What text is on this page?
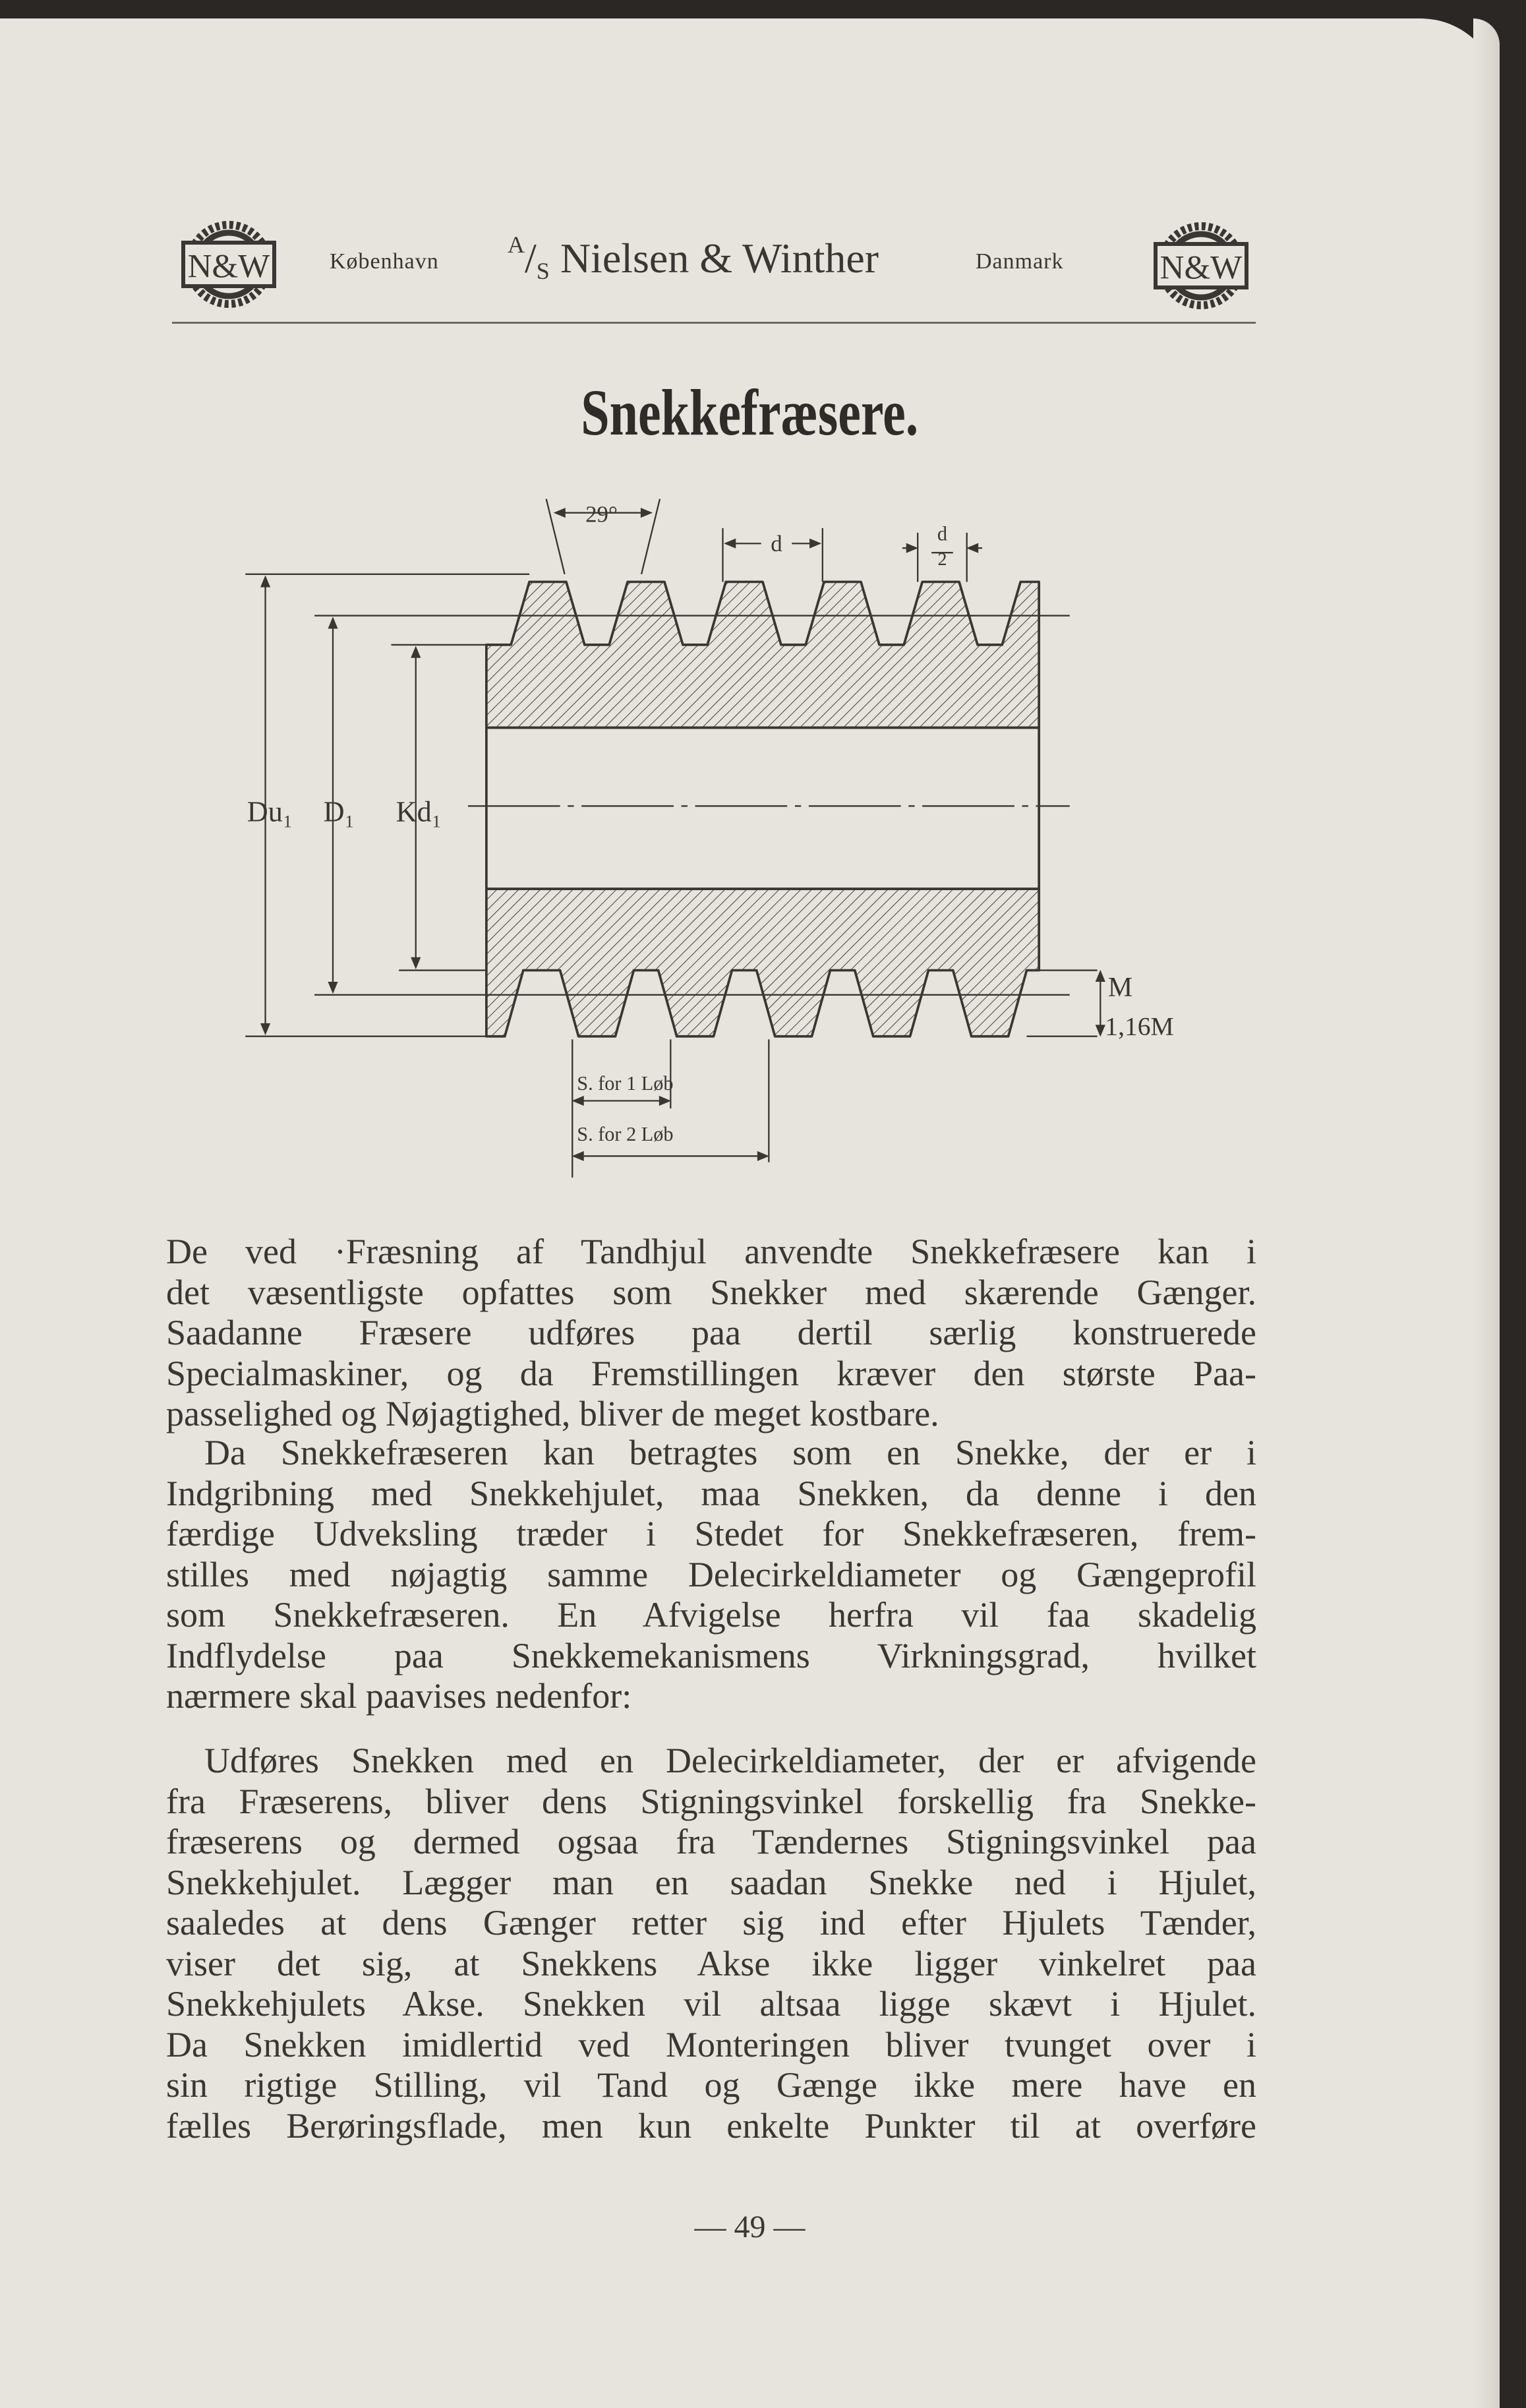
N&W	København
$^A/_S$ Nielsen & Winther	Danmark	N&W
Snekkefræsere.
29°
d	d
2
Du₁ D₁	Kd₁
M
1,16M
S. for 1 Løb
S. for 2 Løb
De ved ·Fræsning af Tandhjul anvendte Snekkefræsere kan i
det væsentligste opfattes som Snekker med skærende Gænger.
Saadanne Fræsere udføres paa dertil særlig konstruerede
Specialmaskiner, og da Fremstillingen kræver den største Paa-
passelighed og Nøjagtighed, bliver de meget kostbare.
Da Snekkefræseren kan betragtes som en Snekke, der er i
Indgribning med Snekkehjulet, maa Snekken, da denne i den
færdige Udveksling træder i Stedet for Snekkefræseren, frem-
stilles med nøjagtig samme Delecirkeldiameter og Gængeprofil
som Snekkefræseren. En Afvigelse herfra vil faa skadelig
Indflydelse paa Snekkemekanismens Virkningsgrad, hvilket
nærmere skal paavises nedenfor:
Udføres Snekken med en Delecirkeldiameter, der er afvigende
fra Fræserens, bliver dens Stigningsvinkel forskellig fra Snekke-
fræserens og dermed ogsaa fra Tændernes Stigningsvinkel paa
Snekkehjulet. Lægger man en saadan Snekke ned i Hjulet,
saaledes at dens Gænger retter sig ind efter Hjulets Tænder,
viser det sig, at Snekkens Akse ikke ligger vinkelret paa
Snekkehjulets Akse. Snekken vil altsaa ligge skævt i Hjulet.
Da Snekken imidlertid ved Monteringen bliver tvunget over i
sin rigtige Stilling, vil Tand og Gænge ikke mere have en
fælles Berøringsflade, men kun enkelte Punkter til at overføre
— 49 —
